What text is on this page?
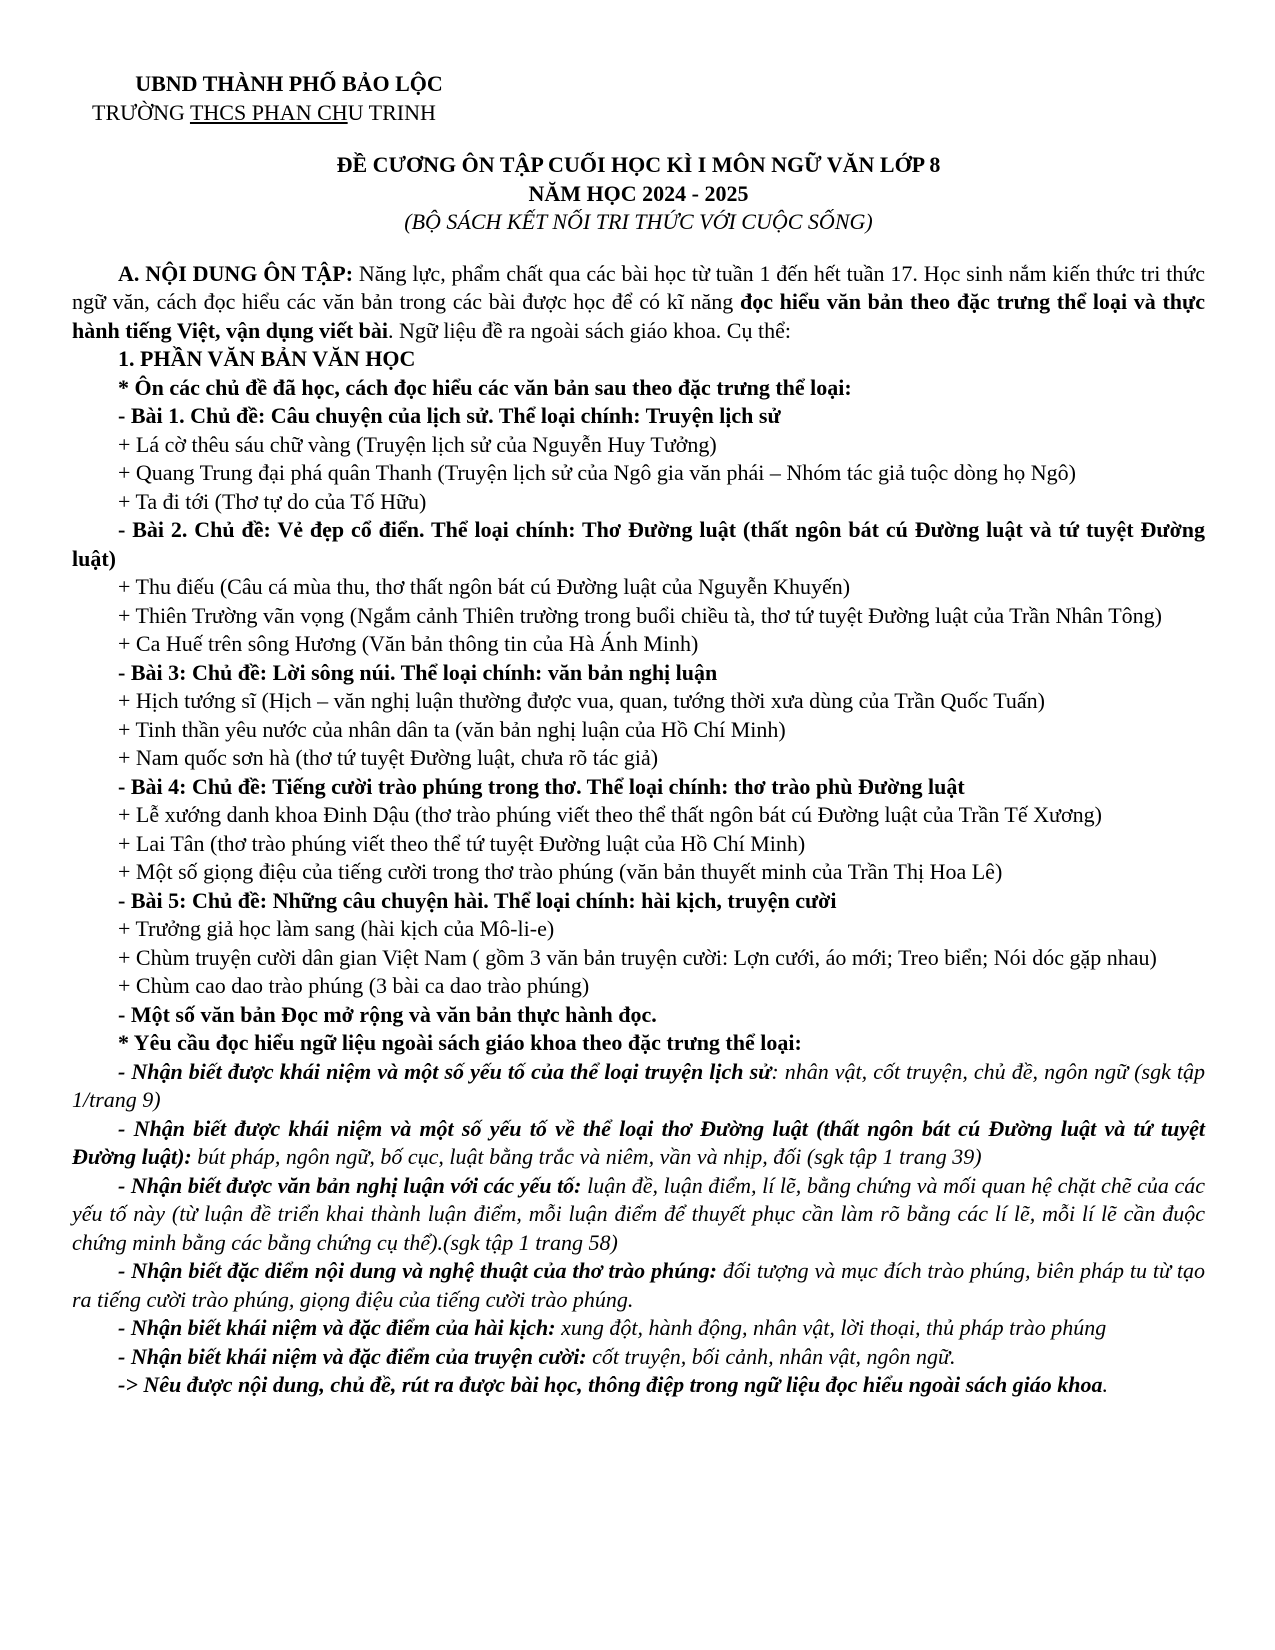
UBND THÀNH PHỐ BẢO LỘC
TRƯỜNG THCS PHAN CHU TRINH
ĐỀ CƯƠNG ÔN TẬP CUỐI HỌC KÌ I MÔN NGỮ VĂN LỚP 8
NĂM HỌC 2024 - 2025
(BỘ SÁCH KẾT NỐI TRI THỨC VỚI CUỘC SỐNG)
A. NỘI DUNG ÔN TẬP: Năng lực, phẩm chất qua các bài học từ tuần 1 đến hết tuần 17. Học sinh nắm kiến thức tri thức ngữ văn, cách đọc hiểu các văn bản trong các bài được học để có kĩ năng đọc hiểu văn bản theo đặc trưng thể loại và thực hành tiếng Việt, vận dụng viết bài. Ngữ liệu đề ra ngoài sách giáo khoa. Cụ thể:
1. PHẦN VĂN BẢN VĂN HỌC
* Ôn các chủ đề đã học, cách đọc hiểu các văn bản sau theo đặc trưng thể loại:
- Bài 1. Chủ đề: Câu chuyện của lịch sử. Thể loại chính: Truyện lịch sử
+ Lá cờ thêu sáu chữ vàng (Truyện lịch sử của Nguyễn Huy Tưởng)
+ Quang Trung đại phá quân Thanh (Truyện lịch sử của Ngô gia văn phái – Nhóm tác giả tuộc dòng họ Ngô)
+ Ta đi tới (Thơ tự do của Tố Hữu)
- Bài 2. Chủ đề: Vẻ đẹp cổ điển. Thể loại chính: Thơ Đường luật (thất ngôn bát cú Đường luật và tứ tuyệt Đường luật)
+ Thu điếu (Câu cá mùa thu, thơ thất ngôn bát cú Đường luật của Nguyễn Khuyến)
+ Thiên Trường vãn vọng (Ngắm cảnh Thiên trường trong buổi chiều tà, thơ tứ tuyệt Đường luật của Trần Nhân Tông)
+ Ca Huế trên sông Hương (Văn bản thông tin của Hà Ánh Minh)
- Bài 3: Chủ đề: Lời sông núi. Thể loại chính: văn bản nghị luận
+ Hịch tướng sĩ (Hịch – văn nghị luận thường được vua, quan, tướng thời xưa dùng của Trần Quốc Tuấn)
+ Tinh thần yêu nước của nhân dân ta (văn bản nghị luận của Hồ Chí Minh)
+ Nam quốc sơn hà (thơ tứ tuyệt Đường luật, chưa rõ tác giả)
- Bài 4: Chủ đề: Tiếng cười trào phúng trong thơ. Thể loại chính: thơ trào phù Đường luật
+ Lễ xướng danh khoa Đinh Dậu (thơ trào phúng viết theo thể thất ngôn bát cú Đường luật của Trần Tế Xương)
+ Lai Tân (thơ trào phúng viết theo thể tứ tuyệt Đường luật của Hồ Chí Minh)
+ Một số giọng điệu của tiếng cười trong thơ trào phúng (văn bản thuyết minh của Trần Thị Hoa Lê)
- Bài 5: Chủ đề: Những câu chuyện hài. Thể loại chính: hài kịch, truyện cười
+ Trưởng giả học làm sang (hài kịch của Mô-li-e)
+ Chùm truyện cười dân gian Việt Nam ( gồm 3 văn bản truyện cười: Lợn cưới, áo mới; Treo biển; Nói dóc gặp nhau)
+ Chùm cao dao trào phúng (3 bài ca dao trào phúng)
- Một số văn bản Đọc mở rộng và văn bản thực hành đọc.
* Yêu cầu đọc hiểu ngữ liệu ngoài sách giáo khoa theo đặc trưng thể loại:
- Nhận biết được khái niệm và một số yếu tố của thể loại truyện lịch sử: nhân vật, cốt truyện, chủ đề, ngôn ngữ (sgk tập 1/trang 9)
- Nhận biết được khái niệm và một số yếu tố về thể loại thơ Đường luật (thất ngôn bát cú Đường luật và tứ tuyệt Đường luật): bút pháp, ngôn ngữ, bố cục, luật bằng trắc và niêm, vần và nhịp, đối (sgk tập 1 trang 39)
- Nhận biết được văn bản nghị luận với các yếu tố: luận đề, luận điểm, lí lẽ, bằng chứng và mối quan hệ chặt chẽ của các yếu tố này (từ luận đề triển khai thành luận điểm, mỗi luận điểm để thuyết phục cần làm rõ bằng các lí lẽ, mỗi lí lẽ cần đuộc chứng minh bằng các bằng chứng cụ thể).(sgk tập 1 trang 58)
- Nhận biết đặc diểm nội dung và nghệ thuật của thơ trào phúng: đối tượng và mục đích trào phúng, biên pháp tu từ tạo ra tiếng cười trào phúng, giọng điệu của tiếng cười trào phúng.
- Nhận biết khái niệm và đặc điểm của hài kịch: xung đột, hành động, nhân vật, lời thoại, thủ pháp trào phúng
- Nhận biết khái niệm và đặc điểm của truyện cười: cốt truyện, bối cảnh, nhân vật, ngôn ngữ.
-> Nêu được nội dung, chủ đề, rút ra được bài học, thông điệp trong ngữ liệu đọc hiểu ngoài sách giáo khoa.
